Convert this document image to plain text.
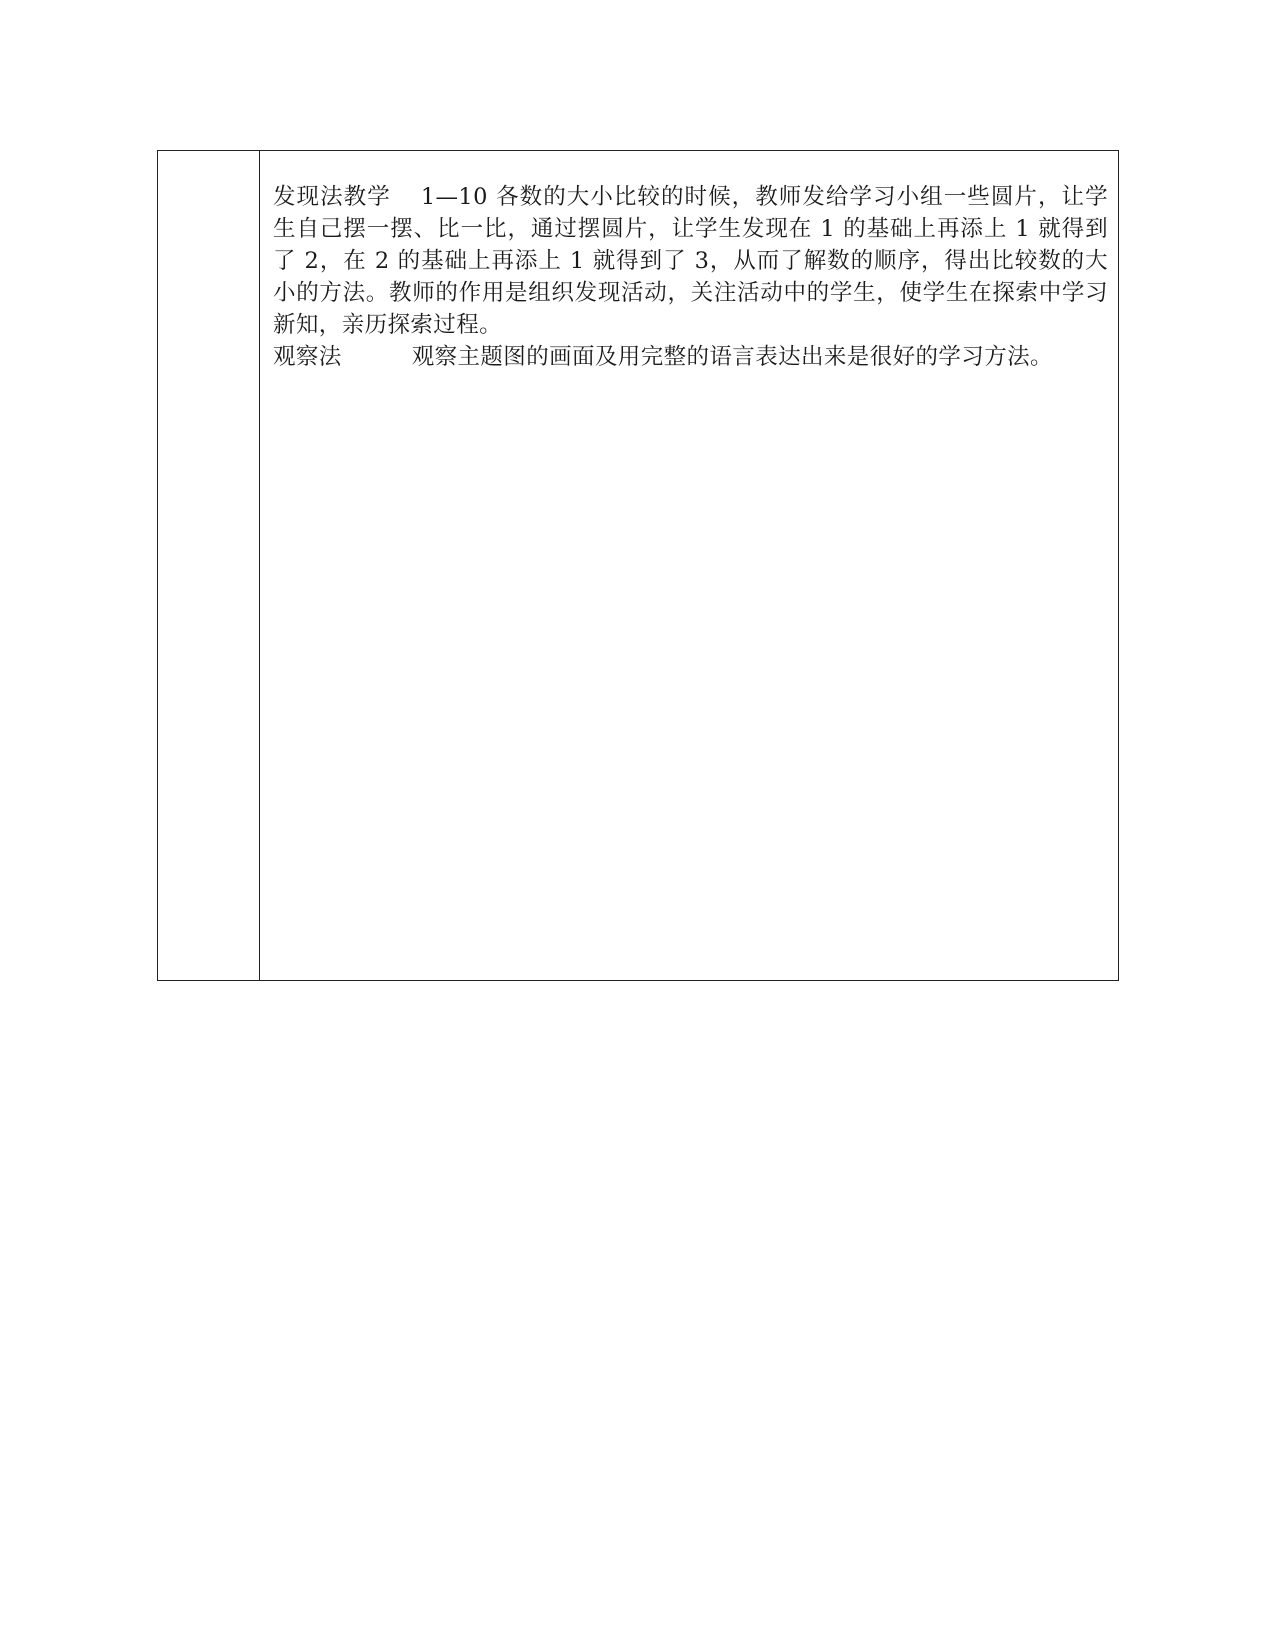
发现法教学 1—10 各数的大小比较的时候，教师发给学习小组一些圆片，让学生自己摆一摆、比一比，通过摆圆片，让学生发现在 1 的基础上再添上 1 就得到了 2，在 2 的基础上再添上 1 就得到了 3，从而了解数的顺序，得出比较数的大小的方法。教师的作用是组织发现活动，关注活动中的学生，使学生在探索中学习新知，亲历探索过程。

观察法	观察主题图的画面及用完整的语言表达出来是很好的学习方法。
